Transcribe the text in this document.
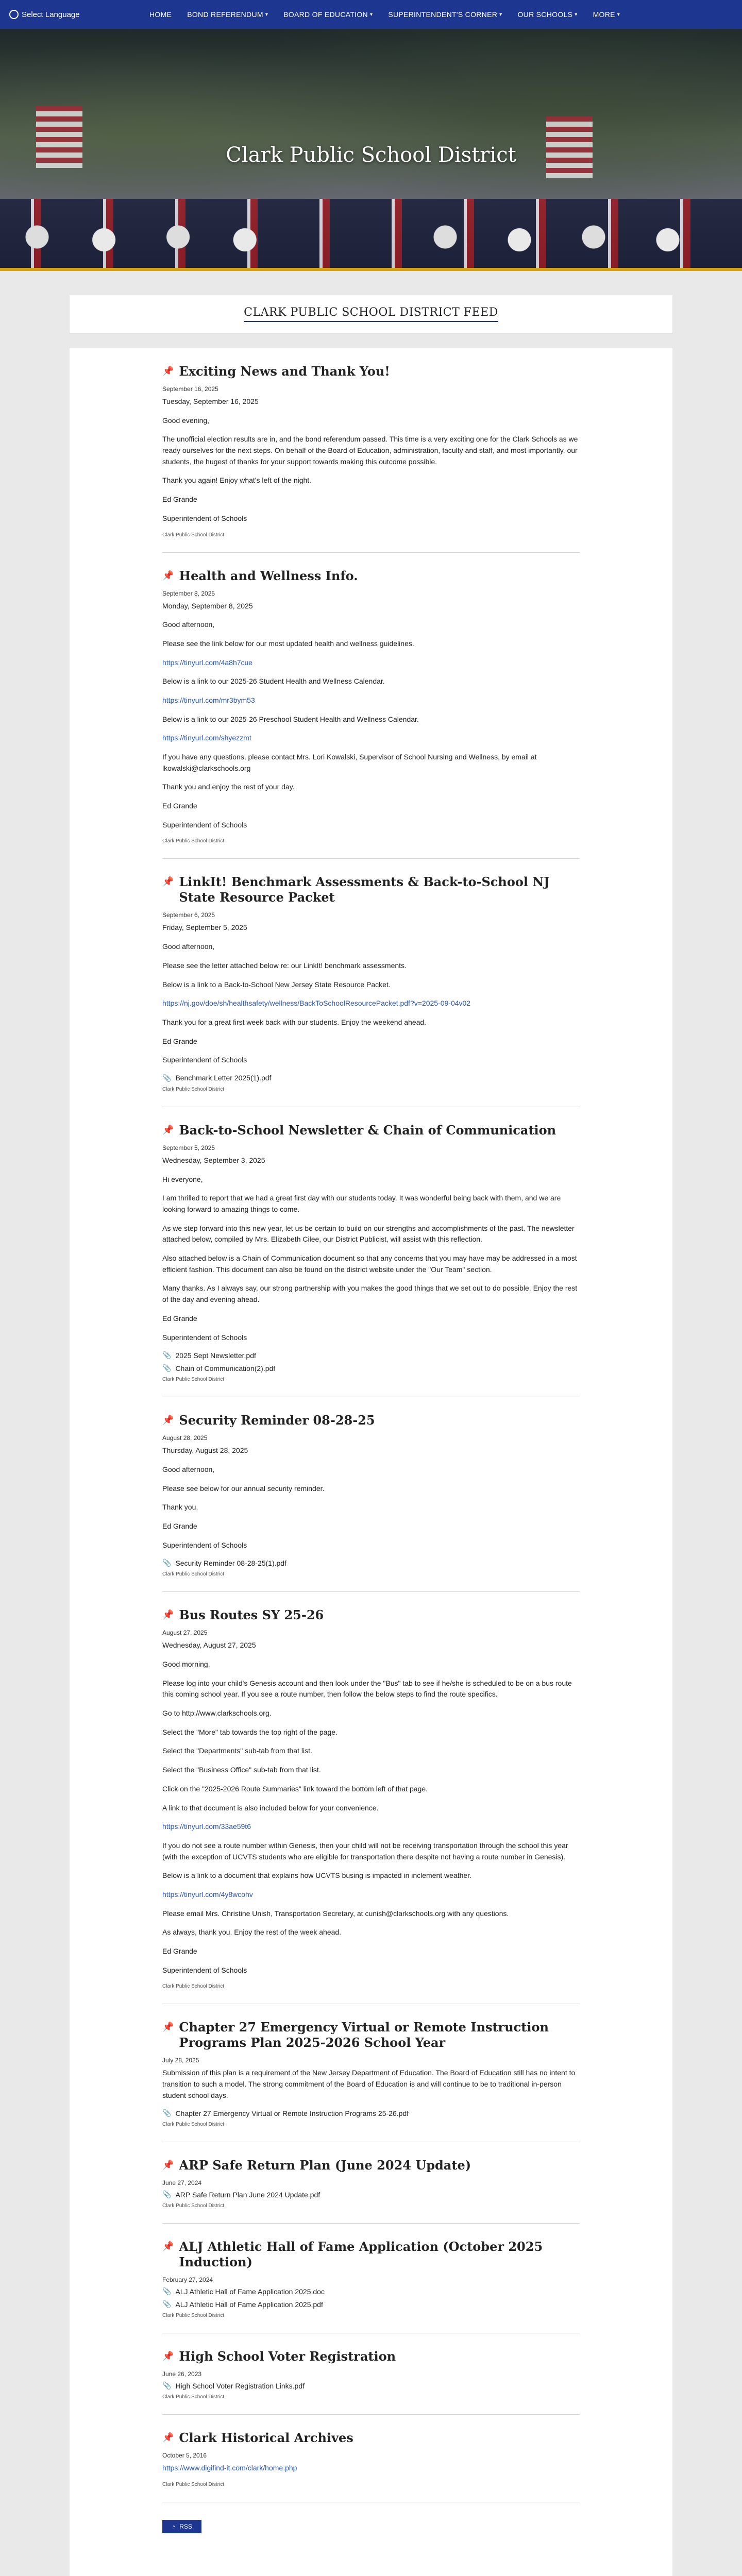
Select Language	HOME BOND REFERENDUM ▾ BOARD OF EDUCATION ▾ SUPERINTENDENT'S CORNER ▾ OUR SCHOOLS ▾ MORE ▾
Clark Public School District
CLARK PUBLIC SCHOOL DISTRICT FEED
📌 Exciting News and Thank You!
September 16, 2025

Tuesday, September 16, 2025

Good evening,

The unofficial election results are in, and the bond referendum passed. This time is a very exciting one for the Clark Schools as we ready ourselves for the next steps. On behalf of the Board of Education, administration, faculty and staff, and most importantly, our students, the hugest of thanks for your support towards making this outcome possible.

Thank you again! Enjoy what's left of the night.

Ed Grande

Superintendent of Schools

Clark Public School District
📌 Health and Wellness Info.
September 8, 2025

Monday, September 8, 2025

Good afternoon,

Please see the link below for our most updated health and wellness guidelines.

https://tinyurl.com/4a8h7cue

Below is a link to our 2025-26 Student Health and Wellness Calendar.

https://tinyurl.com/mr3bym53

Below is a link to our 2025-26 Preschool Student Health and Wellness Calendar.

https://tinyurl.com/shyezzmt

If you have any questions, please contact Mrs. Lori Kowalski, Supervisor of School Nursing and Wellness, by email at lkowalski@clarkschools.org

Thank you and enjoy the rest of your day.

Ed Grande

Superintendent of Schools

Clark Public School District
📌 LinkIt! Benchmark Assessments & Back-to-School NJ State Resource Packet
September 6, 2025

Friday, September 5, 2025

Good afternoon,

Please see the letter attached below re: our LinkIt! benchmark assessments.

Below is a link to a Back-to-School New Jersey State Resource Packet.

https://nj.gov/doe/sh/healthsafety/wellness/BackToSchoolResourcePacket.pdf?v=2025-09-04v02

Thank you for a great first week back with our students. Enjoy the weekend ahead.

Ed Grande

Superintendent of Schools

📎 Benchmark Letter 2025(1).pdf
Clark Public School District
📌 Back-to-School Newsletter & Chain of Communication
September 5, 2025

Wednesday, September 3, 2025

Hi everyone,

I am thrilled to report that we had a great first day with our students today. It was wonderful being back with them, and we are looking forward to amazing things to come.

As we step forward into this new year, let us be certain to build on our strengths and accomplishments of the past. The newsletter attached below, compiled by Mrs. Elizabeth Cilee, our District Publicist, will assist with this reflection.

Also attached below is a Chain of Communication document so that any concerns that you may have may be addressed in a most efficient fashion. This document can also be found on the district website under the "Our Team" section.

Many thanks. As I always say, our strong partnership with you makes the good things that we set out to do possible. Enjoy the rest of the day and evening ahead.

Ed Grande

Superintendent of Schools

📎 2025 Sept Newsletter.pdf
📎 Chain of Communication(2).pdf
Clark Public School District
📌 Security Reminder 08-28-25
August 28, 2025

Thursday, August 28, 2025

Good afternoon,

Please see below for our annual security reminder.

Thank you,

Ed Grande

Superintendent of Schools

📎 Security Reminder 08-28-25(1).pdf
Clark Public School District
📌 Bus Routes SY 25-26
August 27, 2025

Wednesday, August 27, 2025

Good morning,

Please log into your child's Genesis account and then look under the "Bus" tab to see if he/she is scheduled to be on a bus route this coming school year. If you see a route number, then follow the below steps to find the route specifics.

Go to http://www.clarkschools.org.

Select the "More" tab towards the top right of the page.

Select the "Departments" sub-tab from that list.

Select the "Business Office" sub-tab from that list.

Click on the "2025-2026 Route Summaries" link toward the bottom left of that page.

A link to that document is also included below for your convenience.

https://tinyurl.com/33ae59t6

If you do not see a route number within Genesis, then your child will not be receiving transportation through the school this year (with the exception of UCVTS students who are eligible for transportation there despite not having a route number in Genesis).

Below is a link to a document that explains how UCVTS busing is impacted in inclement weather.

https://tinyurl.com/4y8wcohv

Please email Mrs. Christine Unish, Transportation Secretary, at cunish@clarkschools.org with any questions.

As always, thank you. Enjoy the rest of the week ahead.

Ed Grande

Superintendent of Schools

Clark Public School District
📌 Chapter 27 Emergency Virtual or Remote Instruction Programs Plan 2025-2026 School Year
July 28, 2025

Submission of this plan is a requirement of the New Jersey Department of Education. The Board of Education still has no intent to transition to such a model. The strong commitment of the Board of Education is and will continue to be to traditional in-person student school days.

📎 Chapter 27 Emergency Virtual or Remote Instruction Programs 25-26.pdf
Clark Public School District
📌 ARP Safe Return Plan (June 2024 Update)
June 27, 2024
📎 ARP Safe Return Plan June 2024 Update.pdf
Clark Public School District
📌 ALJ Athletic Hall of Fame Application (October 2025 Induction)
February 27, 2024
📎 ALJ Athletic Hall of Fame Application 2025.doc
📎 ALJ Athletic Hall of Fame Application 2025.pdf
Clark Public School District
📌 High School Voter Registration
June 26, 2023
📎 High School Voter Registration Links.pdf
Clark Public School District
📌 Clark Historical Archives
October 5, 2016

https://www.digifind-it.com/clark/home.php

Clark Public School District
◔ RSS
